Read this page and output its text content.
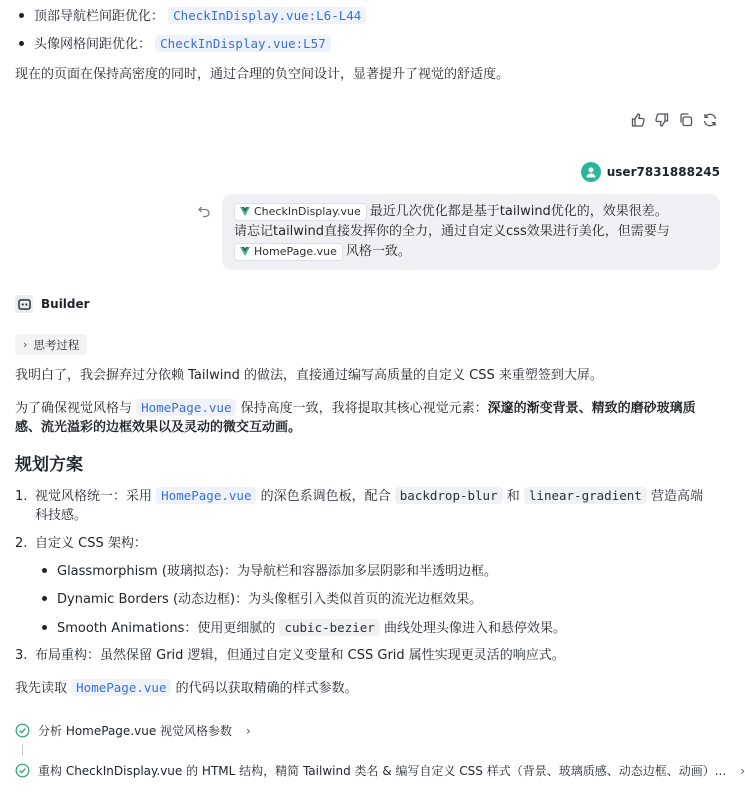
顶部导航栏间距优化： CheckInDisplay.vue:L6-L44
头像网格间距优化： CheckInDisplay.vue:L57
现在的页面在保持高密度的同时，通过合理的负空间设计，显著提升了视觉的舒适度。
user7831888245
CheckInDisplay.vue 最近几次优化都是基于tailwind优化的，效果很差。
请忘记tailwind直接发挥你的全力，通过自定义css效果进行美化，但需要与
HomePage.vue 风格一致。
Builder
› 思考过程
我明白了，我会摒弃过分依赖 Tailwind 的做法，直接通过编写高质量的自定义 CSS 来重塑签到大屏。
为了确保视觉风格与 HomePage.vue 保持高度一致，我将提取其核心视觉元素：深邃的渐变背景、精致的磨砂玻璃质
感、流光溢彩的边框效果以及灵动的微交互动画。
规划方案
1. 视觉风格统一：采用 HomePage.vue 的深色系调色板，配合 backdrop-blur 和 linear-gradient 营造高端
科技感。
2. 自定义 CSS 架构：
Glassmorphism (玻璃拟态)：为导航栏和容器添加多层阴影和半透明边框。
Dynamic Borders (动态边框)：为头像框引入类似首页的流光边框效果。
Smooth Animations：使用更细腻的 cubic-bezier 曲线处理头像进入和悬停效果。
3. 布局重构：虽然保留 Grid 逻辑，但通过自定义变量和 CSS Grid 属性实现更灵活的响应式。
我先读取 HomePage.vue 的代码以获取精确的样式参数。
分析 HomePage.vue 视觉风格参数 ›
重构 CheckInDisplay.vue 的 HTML 结构，精简 Tailwind 类名 & 编写自定义 CSS 样式（背景、玻璃质感、动态边框、动画）... ›
